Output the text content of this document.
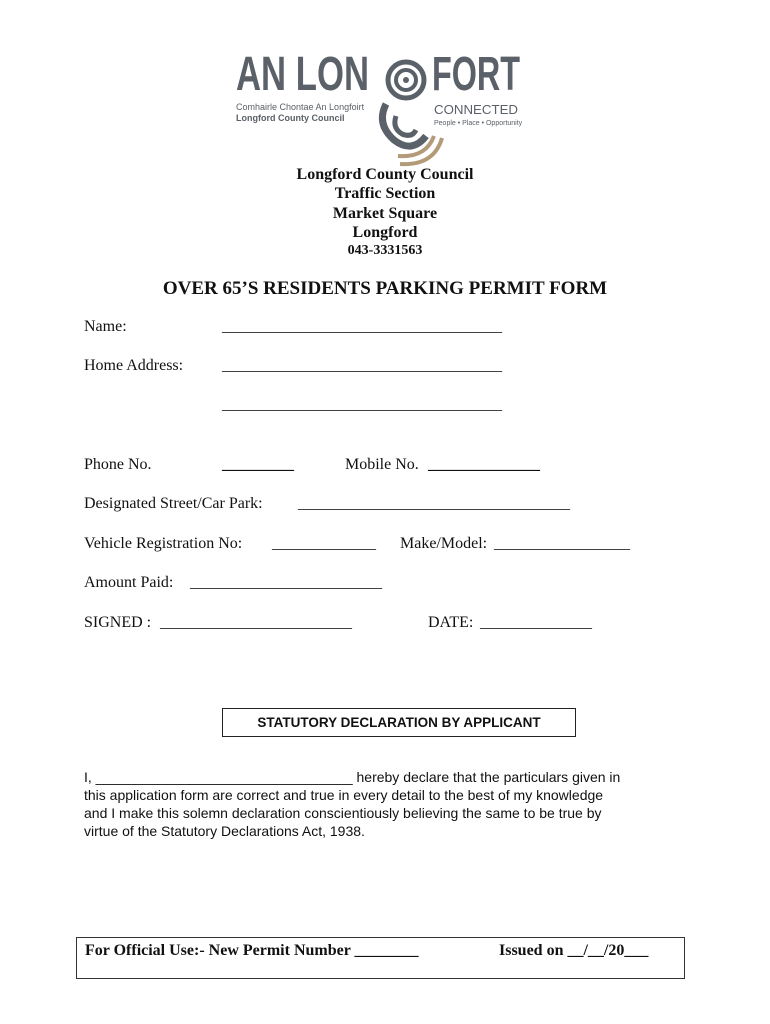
AN LON FORT
CONNECTED
People • Place • Opportunity
Comhairle Chontae An Longfoirt
Longford County Council
Longford County Council
Traffic Section
Market Square
Longford
043-3331563
OVER 65’S RESIDENTS PARKING PERMIT FORM
Name:	___________________________________
Home Address: ___________________________________
___________________________________
Phone No.	_________	Mobile No. ______________
Designated Street/Car Park: __________________________________
Vehicle Registration No: _____________ Make/Model: _________________
Amount Paid: ________________________
SIGNED : ________________________	DATE: ______________
STATUTORY DECLARATION BY APPLICANT
I, _________________________________ hereby declare that the particulars given in
this application form are correct and true in every detail to the best of my knowledge
and I make this solemn declaration conscientiously believing the same to be true by
virtue of the Statutory Declarations Act, 1938.
For Official Use:- New Permit Number ________	Issued on __/__/20___
